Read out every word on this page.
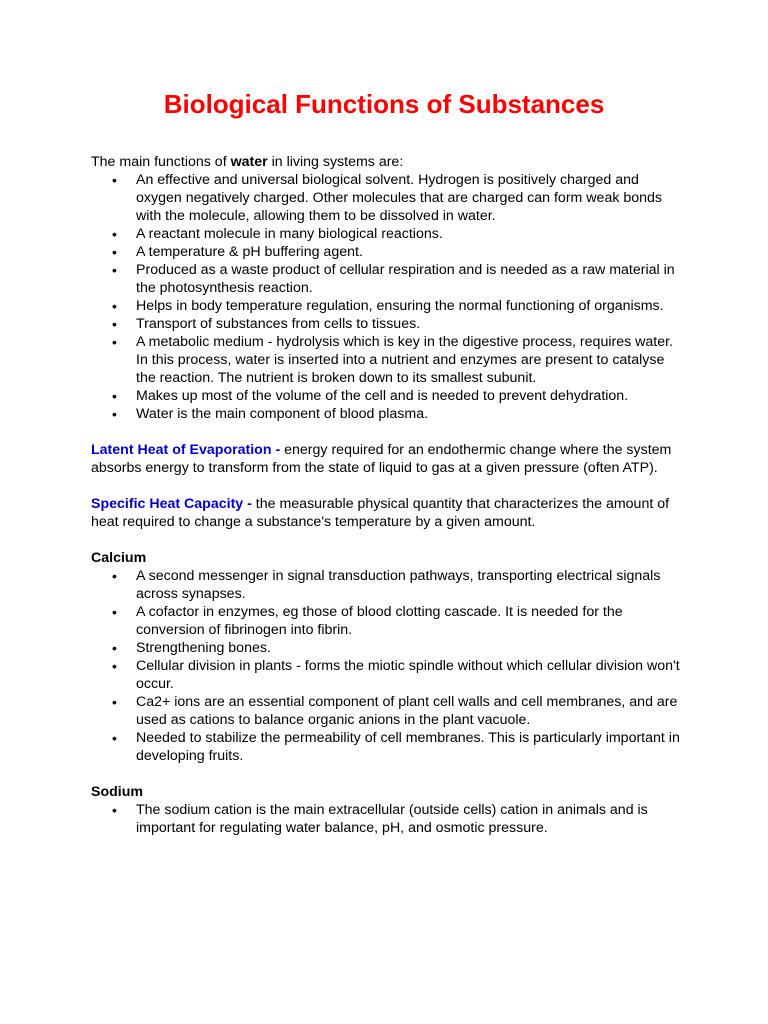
Biological Functions of Substances

The main functions of water in living systems are:

• An effective and universal biological solvent. Hydrogen is positively charged and oxygen negatively charged. Other molecules that are charged can form weak bonds with the molecule, allowing them to be dissolved in water.
• A reactant molecule in many biological reactions.
• A temperature & pH buffering agent.
• Produced as a waste product of cellular respiration and is needed as a raw material in the photosynthesis reaction.
• Helps in body temperature regulation, ensuring the normal functioning of organisms.
• Transport of substances from cells to tissues.
• A metabolic medium - hydrolysis which is key in the digestive process, requires water. In this process, water is inserted into a nutrient and enzymes are present to catalyse the reaction. The nutrient is broken down to its smallest subunit.
• Makes up most of the volume of the cell and is needed to prevent dehydration.
• Water is the main component of blood plasma.

Latent Heat of Evaporation - energy required for an endothermic change where the system absorbs energy to transform from the state of liquid to gas at a given pressure (often ATP).

Specific Heat Capacity - the measurable physical quantity that characterizes the amount of heat required to change a substance's temperature by a given amount.

Calcium

• A second messenger in signal transduction pathways, transporting electrical signals across synapses.
• A cofactor in enzymes, eg those of blood clotting cascade. It is needed for the conversion of fibrinogen into fibrin.
• Strengthening bones.
• Cellular division in plants - forms the miotic spindle without which cellular division won't occur.
• Ca2+ ions are an essential component of plant cell walls and cell membranes, and are used as cations to balance organic anions in the plant vacuole.
• Needed to stabilize the permeability of cell membranes. This is particularly important in developing fruits.

Sodium

• The sodium cation is the main extracellular (outside cells) cation in animals and is important for regulating water balance, pH, and osmotic pressure.
